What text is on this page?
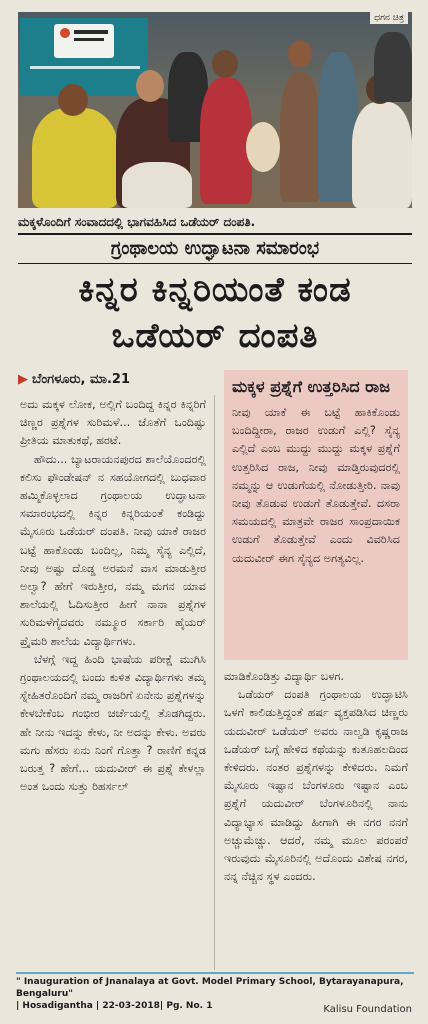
ಧಗನ ಚಿತ್ರ
ಮಕ್ಕಳೊಂದಿಗೆ ಸಂವಾದದಲ್ಲಿ ಭಾಗವಹಿಸಿದ ಒಡೆಯರ್ ದಂಪತಿ.
ಗ್ರಂಥಾಲಯ ಉದ್ಘಾಟನಾ ಸಮಾರಂಭ
ಕಿನ್ನರ ಕಿನ್ನರಿಯಂತೆ ಕಂಡ
ಒಡೆಯರ್ ದಂಪತಿ
▶ ಬೆಂಗಳೂರು, ಮಾ.21

ಅದು ಮಕ್ಕಳ ಲೋಕ, ಅಲ್ಲಿಗೆ ಬಂದಿದ್ದ ಕಿನ್ನರ ಕಿನ್ನರಿಗೆ ಚಿಣ್ಣರ ಪ್ರಶ್ನೆಗಳ ಸುರಿಮಳೆ... ಜೊತೆಗೆ ಒಂದಿಷ್ಟು ಪ್ರೀತಿಯ ಮಾತುಕಥೆ, ಹರಟೆ.

ಹೌದು... ಬ್ಯಾಟರಾಯನಪುರದ ಶಾಲೆಯೊಂದರಲ್ಲಿ ಕಲಿಸು ಫೌಂಡೇಷನ್ ನ ಸಹಯೋಗದಲ್ಲಿ ಬುಧವಾರ ಹಮ್ಮಿಕೊಳ್ಳಲಾದ ಗ್ರಂಥಾಲಯ ಉದ್ಘಾಟನಾ ಸಮಾರಂಭದಲ್ಲಿ ಕಿನ್ನರ ಕಿನ್ನರಿಯಂತೆ ಕಂಡಿದ್ದು ಮೈಸೂರು ಒಡೆಯರ್ ದಂಪತಿ. ನೀವು ಯಾಕೆ ರಾಜರ ಬಟ್ಟೆ ಹಾಕೊಂಡು ಬಂದಿಲ್ಲ, ನಿಮ್ಮ ಸೈನ್ಯ ಎಲ್ಲಿದೆ, ನೀವು ಅಷ್ಟು ದೊಡ್ಡ ಅರಮನೆ ವಾಸ ಮಾಡುತ್ತೀರ ಅಲ್ವಾ? ಹೇಗೆ ಇರುತ್ತೀರ, ನಮ್ಮ ಮಗನ ಯಾವ ಶಾಲೆಯಲ್ಲಿ ಓದಿಸುತ್ತೀರ ಹೀಗೆ ನಾನಾ ಪ್ರಶ್ನೆಗಳ ಸುರಿಮಳೆಗೈದವರು ನಮ್ಮೂರ ಸರ್ಕಾರಿ ಹೈಯರ್ ಪ್ರೈಮರಿ ಶಾಲೆಯ ವಿದ್ಯಾರ್ಥಿಗಳು.

ಬೆಳಗ್ಗೆ ಇದ್ದ ಹಿಂದಿ ಭಾಷೆಯ ಪರೀಕ್ಷೆ ಮುಗಿಸಿ ಗ್ರಂಥಾಲಯದಲ್ಲಿ ಬಂದು ಕುಳಿತ ವಿದ್ಯಾರ್ಥಿಗಳು ತಮ್ಮ ಸ್ನೇಹಿತರೊಂದಿಗೆ ನಮ್ಮ ರಾಜರಿಗೆ ಏನೇನು ಪ್ರಶ್ನೆಗಳನ್ನು ಕೇಳಬೇಕೆಂಬ ಗಂಭೀರ ಚರ್ಚೆಯಲ್ಲಿ ತೊಡಗಿದ್ದರು. ಹೇ ನೀನು ಇದನ್ನು ಕೇಳು, ನೀ ಅದನ್ನು ಕೇಳು. ಅವರು ಮಗು ಹೆಸರು ಏನು ನಿಂಗೆ ಗೊತ್ತಾ ? ರಾಣಿಗೆ ಕನ್ನಡ ಬರುತ್ತ ? ಹೇಗೆ... ಯದುವೀರ್ ಈ ಪ್ರಶ್ನೆ ಕೇಳಲ್ಲಾ ಅಂತ ಒಂದು ಸುತ್ತು ರಿಹರ್ಸಲ್

ಮಕ್ಕಳ ಪ್ರಶ್ನೆಗೆ ಉತ್ತರಿಸಿದ ರಾಜ

ನೀವು ಯಾಕೆ ಈ ಬಟ್ಟೆ ಹಾಕಿಕೊಂಡು ಬಂದಿದ್ದೀರಾ, ರಾಜರ ಉಡುಗೆ ಎಲ್ಲಿ? ಸೈನ್ಯ ಎಲ್ಲಿದೆ ಎಂಬ ಮುದ್ದು ಮುದ್ದು ಮಕ್ಕಳ ಪ್ರಶ್ನೆಗೆ ಉತ್ತರಿಸಿದ ರಾಜ, ನೀವು ಮಾಡ್ತಿರುವುದರಲ್ಲಿ ನಮ್ಮನ್ನು ಆ ಉಡುಗೆಯಲ್ಲಿ ನೋಡುತ್ತೀರಿ. ನಾವು ನೀವು ತೊಡುವ ಉಡುಗೆ ತೊಡುತ್ತೇವೆ. ದಸರಾ ಸಮಯದಲ್ಲಿ ಮಾತ್ರವೇ ರಾಜರ ಸಾಂಪ್ರದಾಯಿಕ ಉಡುಗೆ ತೊಡುತ್ತೇವೆ ಎಂದು ವಿವರಿಸಿದ ಯದುವೀರ್ ಈಗ ಸೈನ್ಯದ ಅಗತ್ಯವಿಲ್ಲ.

ಮಾಡಿಕೊಂಡಿತ್ತು ವಿದ್ಯಾರ್ಥಿ ಬಳಗ.

ಒಡೆಯರ್ ದಂಪತಿ ಗ್ರಂಥಾಲಯ ಉದ್ಘಾಟಿಸಿ ಒಳಗೆ ಕಾಲಿಡುತ್ತಿದ್ದಂತೆ ಹರ್ಷ ವ್ಯಕ್ತಪಡಿಸಿದ ಚಿಣ್ಣರು ಯದುವೀರ್ ಒಡೆಯರ್ ಅವರು ನಾಲ್ವಡಿ ಕೃಷ್ಣರಾಜ ಒಡೆಯರ್ ಬಗ್ಗೆ ಹೇಳಿದ ಕಥೆಯನ್ನು ಕುತೂಹಲದಿಂದ ಕೇಳಿದರು. ನಂತರ ಪ್ರಶ್ನೆಗಳನ್ನು ಕೇಳಿದರು. ನಿಮಗೆ ಮೈಸೂರು ಇಷ್ಟಾನ ಬೆಂಗಳೂರು ಇಷ್ಟಾನ ಎಂಬ ಪ್ರಶ್ನೆಗೆ ಯದುವೀರ್ ಬೆಂಗಳೂರಿನಲ್ಲಿ ನಾನು ವಿದ್ಯಾಭ್ಯಾಸ ಮಾಡಿದ್ದು ಹೀಗಾಗಿ ಈ ನಗರ ನನಗೆ ಅಚ್ಚುಮೆಚ್ಚು. ಆದರೆ, ನಮ್ಮ ಮೂಲ ಪರಂಪರೆ ಇರುವುದು ಮೈಸೂರಿನಲ್ಲಿ ಅದೊಂದು ವಿಶೇಷ ನಗರ, ನನ್ನ ನೆಚ್ಚಿನ ಸ್ಥಳ ಎಂದರು.

" Inauguration of Jnanalaya at Govt. Model Primary School, Bytarayanapura, Bengaluru"
| Hosadigantha | 22-03-2018| Pg. No. 1	Kalisu Foundation
